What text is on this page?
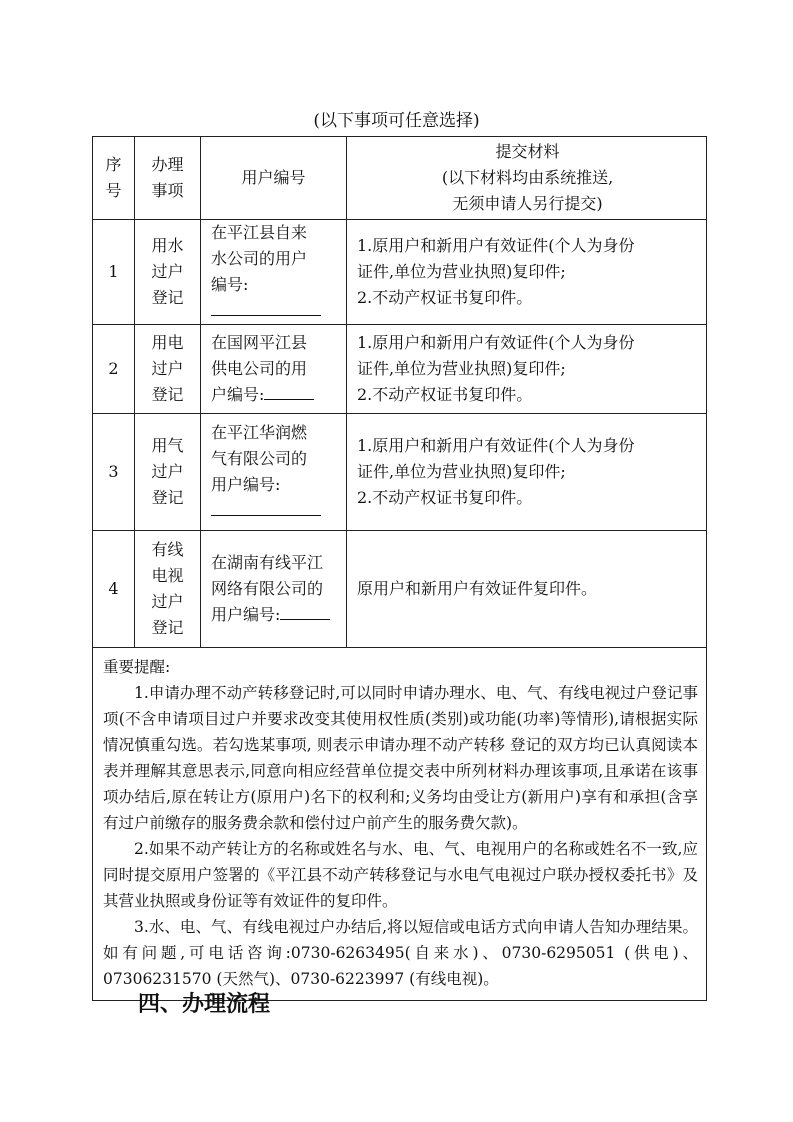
(以下事项可任意选择)
序
号	办理
事项	用户编号	提交材料
(以下材料均由系统推送,
无须申请人另行提交)

1	用水
过户
登记	在平江县自来
水公司的用户
编号:	1.原用户和新用户有效证件(个人为身份
证件,单位为营业执照)复印件;
2.不动产权证书复印件。

2	用电
过户
登记	在国网平江县
供电公司的用
户编号:	1.原用户和新用户有效证件(个人为身份
证件,单位为营业执照)复印件;
2.不动产权证书复印件。

3	用气
过户
登记	在平江华润燃
气有限公司的
用户编号:	1.原用户和新用户有效证件(个人为身份
证件,单位为营业执照)复印件;
2.不动产权证书复印件。

4	有线
电视
过户
登记	在湖南有线平江
网络有限公司的
用户编号:	原用户和新用户有效证件复印件。

重要提醒:

1.申请办理不动产转移登记时,可以同时申请办理水、电、气、有线电视过户登记事项(不含申请项目过户并要求改变其使用权性质(类别)或功能(功率)等情形),请根据实际情况慎重勾选。若勾选某事项, 则表示申请办理不动产转移 登记的双方均已认真阅读本表并理解其意思表示,同意向相应经营单位提交表中所列材料办理该事项,且承诺在该事项办结后,原在转让方(原用户)名下的权利和;义务均由受让方(新用户)享有和承担(含享有过户前缴存的服务费余款和偿付过户前产生的服务费欠款)。

2.如果不动产转让方的名称或姓名与水、电、气、电视用户的名称或姓名不一致,应同时提交原用户签署的《平江县不动产转移登记与水电气电视过户联办授权委托书》及其营业执照或身份证等有效证件的复印件。

3.水、电、气、有线电视过户办结后,将以短信或电话方式向申请人告知办理结果。如有问题,可电话咨询:0730-6263495(自来水)、0730-6295051 (供电)、07306231570 (天然气)、0730-6223997 (有线电视)。			

四、办理流程
